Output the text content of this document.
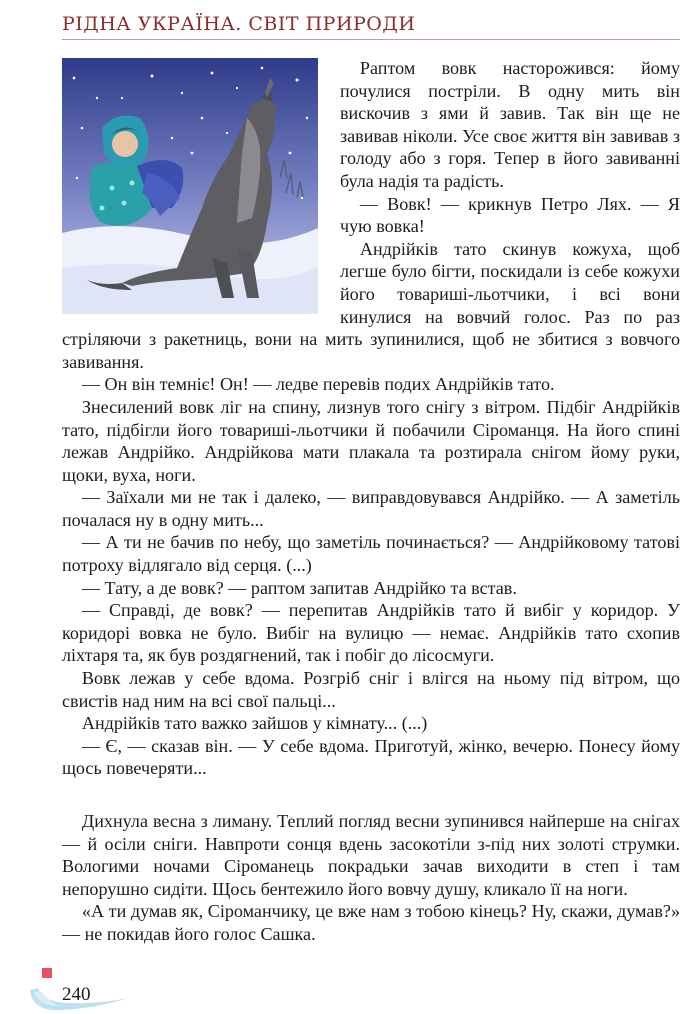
РІДНА УКРАЇНА. СВІТ ПРИРОДИ

Раптом вовк насторожився: йому почулися постріли. В одну мить він вискочив з ями й завив. Так він ще не завивав ніколи. Усе своє життя він завивав з голоду або з горя. Тепер в його завиванні була надія та радість.

— Вовк! — крикнув Петро Лях. — Я чую вовка!

Андрійків тато скинув кожуха, щоб легше було бігти, поскидали із себе кожухи його товариші-льотчики, і всі вони кинулися на вовчий голос. Раз по раз стріляючи з ракетниць, вони на мить зупинилися, щоб не збитися з вовчого завивання.

— Он він темніє! Он! — ледве перевів подих Андрійків тато.

Знесилений вовк ліг на спину, лизнув того снігу з вітром. Підбіг Андрійків тато, підбігли його товариші-льотчики й побачили Сіроманця. На його спині лежав Андрійко. Андрійкова мати плакала та розтирала снігом йому руки, щоки, вуха, ноги.

— Заїхали ми не так і далеко, — виправдовувався Андрійко. — А заметіль почалася ну в одну мить...

— А ти не бачив по небу, що заметіль починається? — Андрійковому татові потроху відлягало від серця. (...)

— Тату, а де вовк? — раптом запитав Андрійко та встав.

— Справді, де вовк? — перепитав Андрійків тато й вибіг у коридор. У коридорі вовка не було. Вибіг на вулицю — немає. Андрійків тато схопив ліхтаря та, як був роздягнений, так і побіг до лісосмуги.

Вовк лежав у себе вдома. Розгріб сніг і влігся на ньому під вітром, що свистів над ним на всі свої пальці...

Андрійків тато важко зайшов у кімнату... (...)

— Є, — сказав він. — У себе вдома. Приготуй, жінко, вечерю. Понесу йому щось повечеряти...

Дихнула весна з лиману. Теплий погляд весни зупинився найперше на снігах — й осіли сніги. Навпроти сонця вдень засокотіли з-під них золоті струмки. Вологими ночами Сіроманець покрадьки зачав виходити в степ і там непорушно сидіти. Щось бентежило його вовчу душу, кликало її на ноги.

«А ти думав як, Сіроманчику, це вже нам з тобою кінець? Ну, скажи, думав?» — не покидав його голос Сашка.

240
